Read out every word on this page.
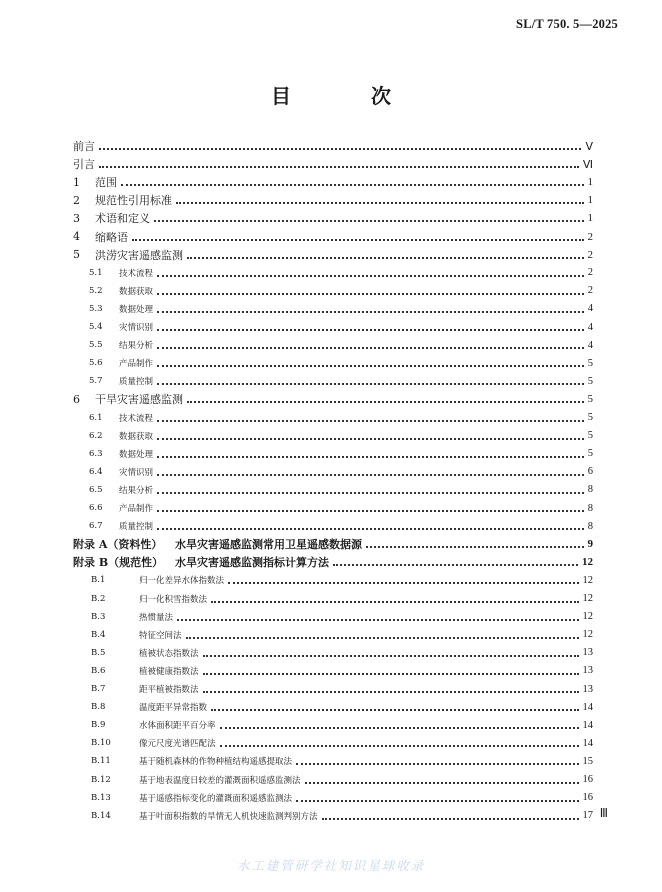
SL/T 750. 5—2025
目　次
前言	Ⅴ
引言	Ⅵ
1	范围	1
2	规范性引用标准	1
3	术语和定义	1
4	缩略语	2
5	洪涝灾害遥感监测	2
5.1	技术流程	2
5.2	数据获取	2
5.3	数据处理	4
5.4	灾情识别	4
5.5	结果分析	4
5.6	产品制作	5
5.7	质量控制	5
6	干旱灾害遥感监测	5
6.1	技术流程	5
6.2	数据获取	5
6.3	数据处理	5
6.4	灾情识别	6
6.5	结果分析	8
6.6	产品制作	8
6.7	质量控制	8
附录 A（资料性）	水旱灾害遥感监测常用卫星遥感数据源	9
附录 B（规范性）	水旱灾害遥感监测指标计算方法	12
B.1	归一化差异水体指数法	12
B.2	归一化积雪指数法	12
B.3	热惯量法	12
B.4	特征空间法	12
B.5	植被状态指数法	13
B.6	植被健康指数法	13
B.7	距平植被指数法	13
B.8	温度距平异常指数	14
B.9	水体面积距平百分率	14
B.10	像元尺度光谱匹配法	14
B.11	基于随机森林的作物种植结构遥感提取法	15
B.12	基于地表温度日较差的灌溉面积遥感监测法	16
B.13	基于遥感指标变化的灌溉面积遥感监测法	16
B.14	基于叶面积指数的旱情无人机快速监测判别方法	17 Ⅲ
水工建管研学社知识星球收录
